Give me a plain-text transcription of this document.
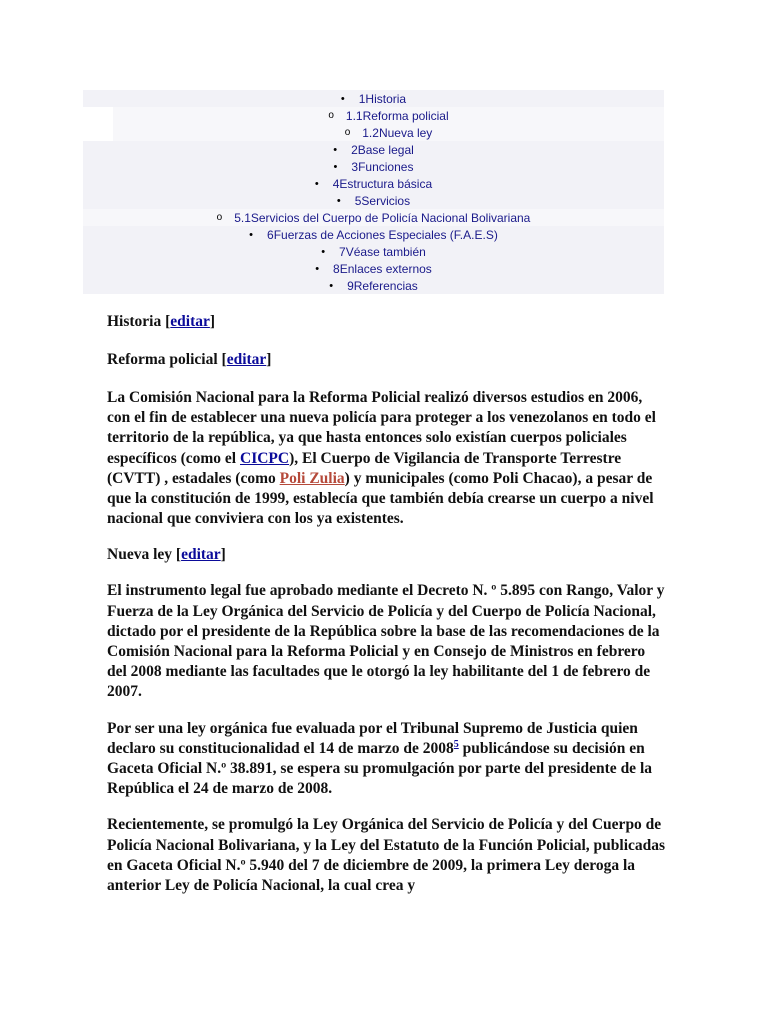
• 1 Historia
o 1.1 Reforma policial
o 1.2 Nueva ley
• 2 Base legal
• 3 Funciones
• 4 Estructura básica
• 5 Servicios
o 5.1 Servicios del Cuerpo de Policía Nacional Bolivariana
• 6 Fuerzas de Acciones Especiales (F.A.E.S)
• 7 Véase también
• 8 Enlaces externos
• 9 Referencias
Historia [editar]
Reforma policial [editar]

La Comisión Nacional para la Reforma Policial realizó diversos estudios en 2006, con el fin de establecer una nueva policía para proteger a los venezolanos en todo el territorio de la república, ya que hasta entonces solo existían cuerpos policiales específicos (como el CICPC), El Cuerpo de Vigilancia de Transporte Terrestre (CVTT) , estadales (como Poli Zulia) y municipales (como Poli Chacao), a pesar de que la constitución de 1999, establecía que también debía crearse un cuerpo a nivel nacional que conviviera con los ya existentes.

Nueva ley [editar]

El instrumento legal fue aprobado mediante el Decreto N. º 5.895 con Rango, Valor y Fuerza de la Ley Orgánica del Servicio de Policía y del Cuerpo de Policía Nacional, dictado por el presidente de la República sobre la base de las recomendaciones de la Comisión Nacional para la Reforma Policial y en Consejo de Ministros en febrero del 2008 mediante las facultades que le otorgó la ley habilitante del 1 de febrero de 2007.

Por ser una ley orgánica fue evaluada por el Tribunal Supremo de Justicia quien declaro su constitucionalidad el 14 de marzo de 2008$^5$ publicándose su decisión en Gaceta Oficial N.º 38.891, se espera su promulgación por parte del presidente de la República el 24 de marzo de 2008.

Recientemente, se promulgó la Ley Orgánica del Servicio de Policía y del Cuerpo de Policía Nacional Bolivariana, y la Ley del Estatuto de la Función Policial, publicadas en Gaceta Oficial N.º 5.940 del 7 de diciembre de 2009, la primera Ley deroga la anterior Ley de Policía Nacional, la cual crea y
